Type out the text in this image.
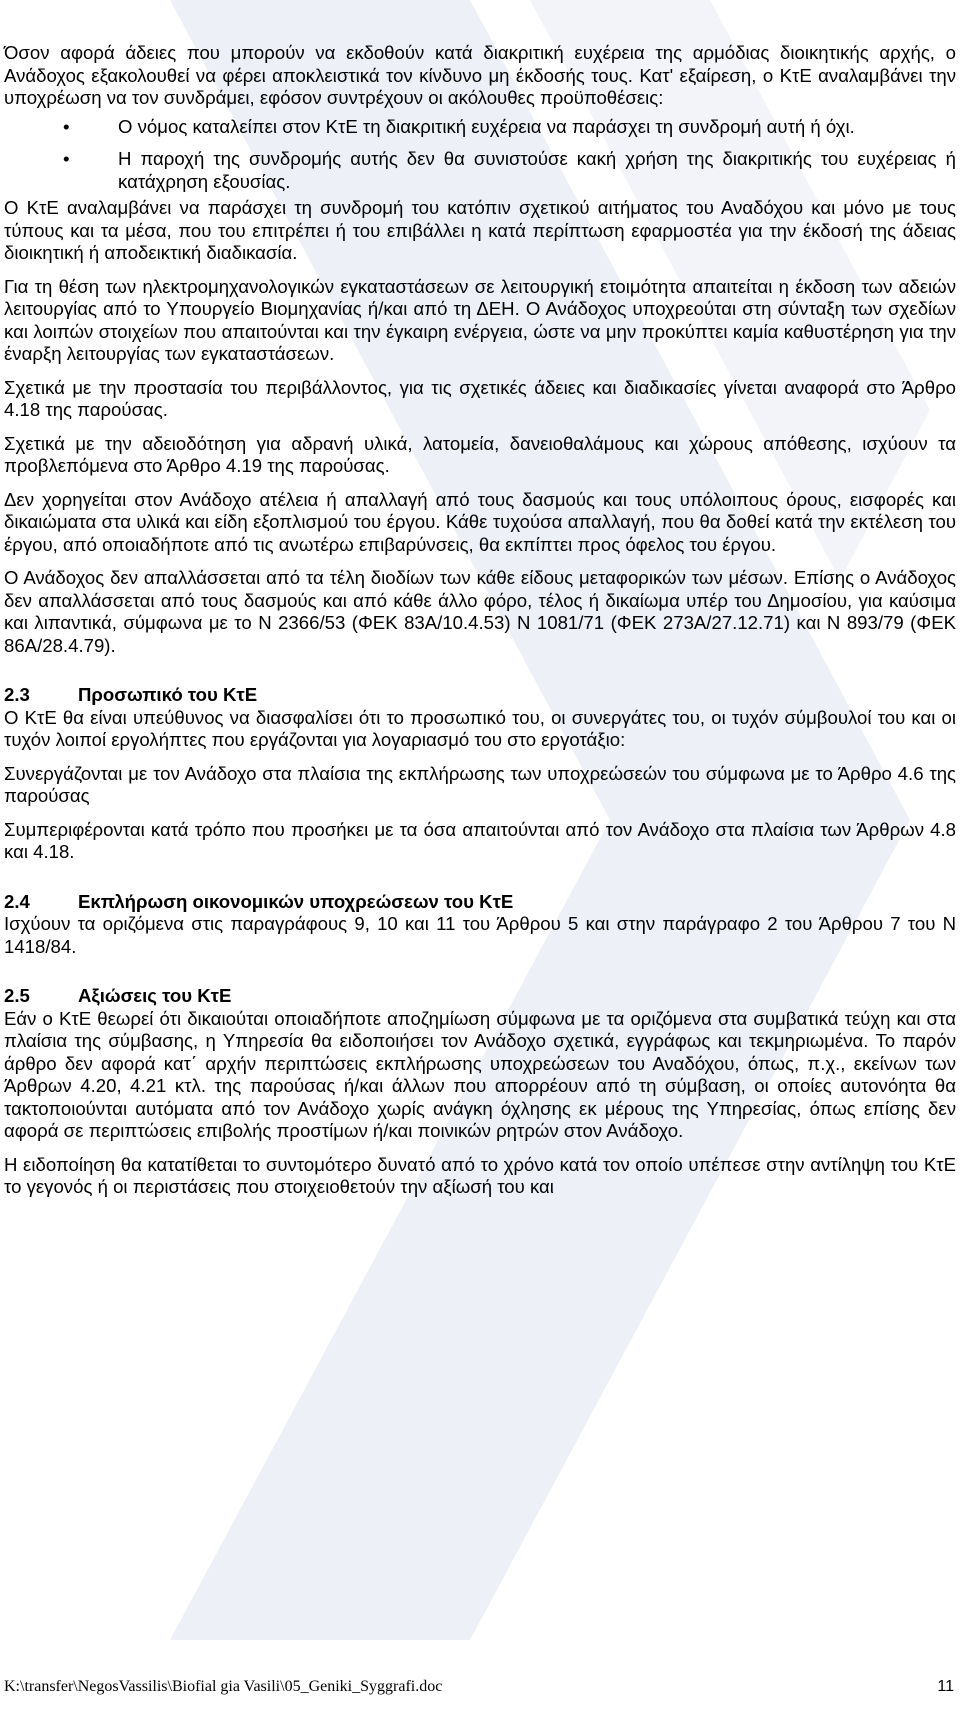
Όσον αφορά άδειες που μπορούν να εκδοθούν κατά διακριτική ευχέρεια της αρμόδιας διοικητικής αρχής, ο Ανάδοχος εξακολουθεί να φέρει αποκλειστικά τον κίνδυνο μη έκδοσής τους. Κατ' εξαίρεση, ο ΚτΕ αναλαμβάνει την υποχρέωση να τον συνδράμει, εφόσον συντρέχουν οι ακόλουθες προϋποθέσεις:

•	Ο νόμος καταλείπει στον ΚτΕ τη διακριτική ευχέρεια να παράσχει τη συνδρομή αυτή ή όχι.
•	Η παροχή της συνδρομής αυτής δεν θα συνιστούσε κακή χρήση της διακριτικής του ευχέρειας ή κατάχρηση εξουσίας.

Ο ΚτΕ αναλαμβάνει να παράσχει τη συνδρομή του κατόπιν σχετικού αιτήματος του Αναδόχου και μόνο με τους τύπους και τα μέσα, που του επιτρέπει ή του επιβάλλει η κατά περίπτωση εφαρμοστέα για την έκδοσή της άδειας διοικητική ή αποδεικτική διαδικασία.

Για τη θέση των ηλεκτρομηχανολογικών εγκαταστάσεων σε λειτουργική ετοιμότητα απαιτείται η έκδοση των αδειών λειτουργίας από το Υπουργείο Βιομηχανίας ή/και από τη ΔΕΗ. Ο Ανάδοχος υποχρεούται στη σύνταξη των σχεδίων και λοιπών στοιχείων που απαιτούνται και την έγκαιρη ενέργεια, ώστε να μην προκύπτει καμία καθυστέρηση για την έναρξη λειτουργίας των εγκαταστάσεων.

Σχετικά με την προστασία του περιβάλλοντος, για τις σχετικές άδειες και διαδικασίες γίνεται αναφορά στο Άρθρο 4.18 της παρούσας.

Σχετικά με την αδειοδότηση για αδρανή υλικά, λατομεία, δανειοθαλάμους και χώρους απόθεσης, ισχύουν τα προβλεπόμενα στο Άρθρο 4.19 της παρούσας.

Δεν χορηγείται στον Ανάδοχο ατέλεια ή απαλλαγή από τους δασμούς και τους υπόλοιπους όρους, εισφορές και δικαιώματα στα υλικά και είδη εξοπλισμού του έργου. Κάθε τυχούσα απαλλαγή, που θα δοθεί κατά την εκτέλεση του έργου, από οποιαδήποτε από τις ανωτέρω επιβαρύνσεις, θα εκπίπτει προς όφελος του έργου.

Ο Ανάδοχος δεν απαλλάσσεται από τα τέλη διοδίων των κάθε είδους μεταφορικών των μέσων. Επίσης ο Ανάδοχος δεν απαλλάσσεται από τους δασμούς και από κάθε άλλο φόρο, τέλος ή δικαίωμα υπέρ του Δημοσίου, για καύσιμα και λιπαντικά, σύμφωνα με το Ν 2366/53 (ΦΕΚ 83Α/10.4.53) Ν 1081/71 (ΦΕΚ 273Α/27.12.71) και Ν 893/79 (ΦΕΚ 86Α/28.4.79).

2.3	Προσωπικό του ΚτΕ

Ο ΚτΕ θα είναι υπεύθυνος να διασφαλίσει ότι το προσωπικό του, οι συνεργάτες του, οι τυχόν σύμβουλοί του και οι τυχόν λοιποί εργολήπτες που εργάζονται για λογαριασμό του στο εργοτάξιο:

Συνεργάζονται με τον Ανάδοχο στα πλαίσια της εκπλήρωσης των υποχρεώσεών του σύμφωνα με το Άρθρο 4.6 της παρούσας

Συμπεριφέρονται κατά τρόπο που προσήκει με τα όσα απαιτούνται από τον Ανάδοχο στα πλαίσια των Άρθρων 4.8 και 4.18.

2.4	Εκπλήρωση οικονομικών υποχρεώσεων του ΚτΕ

Ισχύουν τα οριζόμενα στις παραγράφους 9, 10 και 11 του Άρθρου 5 και στην παράγραφο 2 του Άρθρου 7 του Ν 1418/84.

2.5	Αξιώσεις του ΚτΕ

Εάν ο ΚτΕ θεωρεί ότι δικαιούται οποιαδήποτε αποζημίωση σύμφωνα με τα οριζόμενα στα συμβατικά τεύχη και στα πλαίσια της σύμβασης, η Υπηρεσία θα ειδοποιήσει τον Ανάδοχο σχετικά, εγγράφως και τεκμηριωμένα. Το παρόν άρθρο δεν αφορά κατ΄ αρχήν περιπτώσεις εκπλήρωσης υποχρεώσεων του Αναδόχου, όπως, π.χ., εκείνων των Άρθρων 4.20, 4.21 κτλ. της παρούσας ή/και άλλων που απορρέουν από τη σύμβαση, οι οποίες αυτονόητα θα τακτοποιούνται αυτόματα από τον Ανάδοχο χωρίς ανάγκη όχλησης εκ μέρους της Υπηρεσίας, όπως επίσης δεν αφορά σε περιπτώσεις επιβολής προστίμων ή/και ποινικών ρητρών στον Ανάδοχο.

Η ειδοποίηση θα κατατίθεται το συντομότερο δυνατό από το χρόνο κατά τον οποίο υπέπεσε στην αντίληψη του ΚτΕ το γεγονός ή οι περιστάσεις που στοιχειοθετούν την αξίωσή του και

K:\transfer\NegosVassilis\Biofial gia Vasili\05_Geniki_Syggrafi.doc	11
